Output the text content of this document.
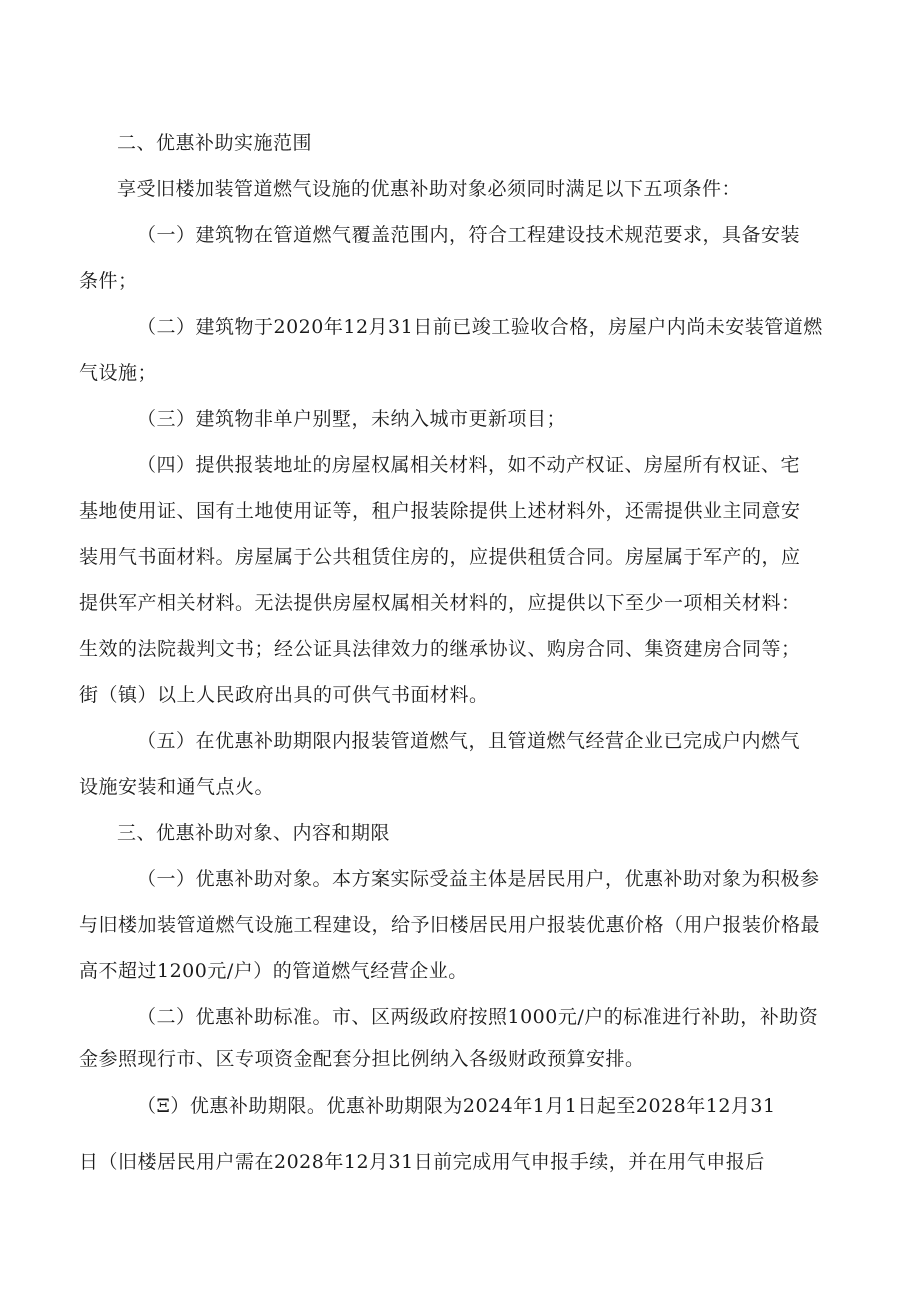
二、优惠补助实施范围
享受旧楼加装管道燃气设施的优惠补助对象必须同时满足以下五项条件：
（一）建筑物在管道燃气覆盖范围内，符合工程建设技术规范要求，具备安装
条件；
（二）建筑物于2020年12月31日前已竣工验收合格，房屋户内尚未安装管道燃
气设施；
（三）建筑物非单户别墅，未纳入城市更新项目；
（四）提供报装地址的房屋权属相关材料，如不动产权证、房屋所有权证、宅
基地使用证、国有土地使用证等，租户报装除提供上述材料外，还需提供业主同意安
装用气书面材料。房屋属于公共租赁住房的，应提供租赁合同。房屋属于军产的，应
提供军产相关材料。无法提供房屋权属相关材料的，应提供以下至少一项相关材料：
生效的法院裁判文书；经公证具法律效力的继承协议、购房合同、集资建房合同等；
街（镇）以上人民政府出具的可供气书面材料。
（五）在优惠补助期限内报装管道燃气，且管道燃气经营企业已完成户内燃气
设施安装和通气点火。
三、优惠补助对象、内容和期限
（一）优惠补助对象。本方案实际受益主体是居民用户，优惠补助对象为积极参
与旧楼加装管道燃气设施工程建设，给予旧楼居民用户报装优惠价格（用户报装价格最
高不超过1200元/户）的管道燃气经营企业。
（二）优惠补助标准。市、区两级政府按照1000元/户的标准进行补助，补助资
金参照现行市、区专项资金配套分担比例纳入各级财政预算安排。
（Ξ）优惠补助期限。优惠补助期限为2024年1月1日起至2028年12月31
日（旧楼居民用户需在2028年12月31日前完成用气申报手续，并在用气申报后
